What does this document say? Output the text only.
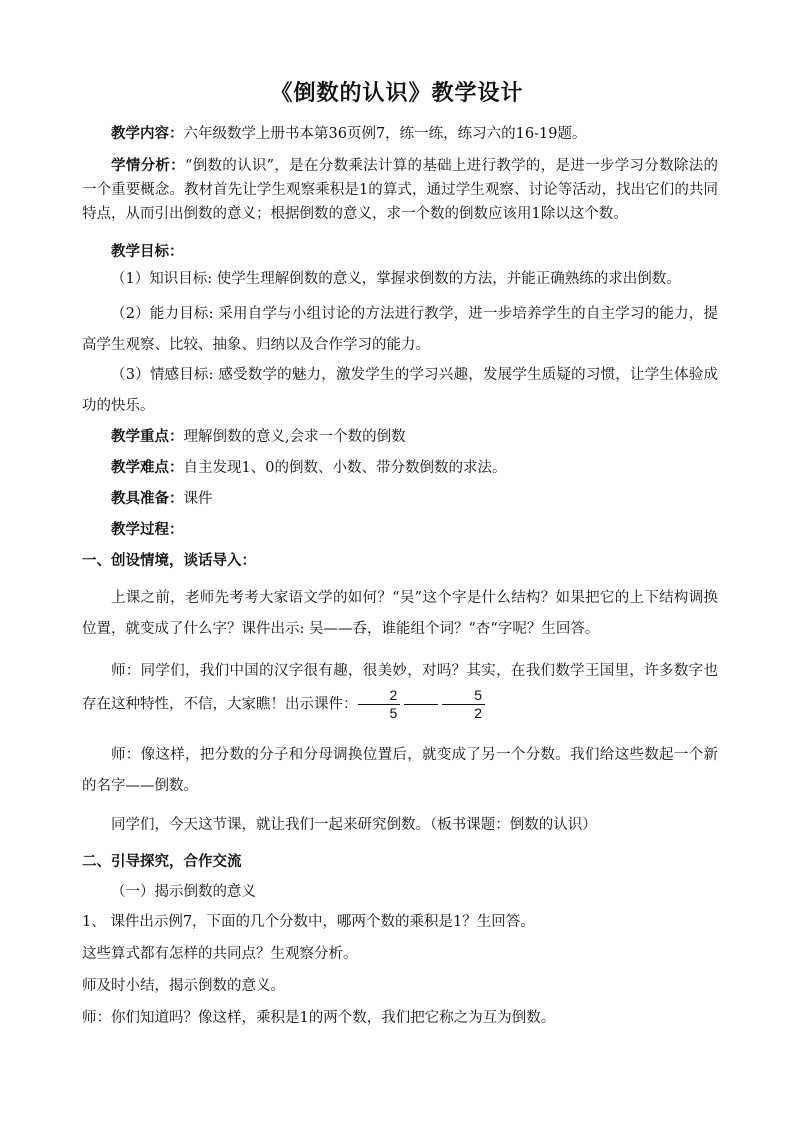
《倒数的认识》教学设计
教学内容：六年级数学上册书本第36页例7，练一练，练习六的16-19题。
学情分析：“倒数的认识”，是在分数乘法计算的基础上进行教学的，是进一步学习分数除法的一个重要概念。教材首先让学生观察乘积是1的算式，通过学生观察、讨论等活动，找出它们的共同特点，从而引出倒数的意义；根据倒数的意义，求一个数的倒数应该用1除以这个数。
教学目标：
（1）知识目标: 使学生理解倒数的意义，掌握求倒数的方法，并能正确熟练的求出倒数。
（2）能力目标: 采用自学与小组讨论的方法进行教学，进一步培养学生的自主学习的能力，提高学生观察、比较、抽象、归纳以及合作学习的能力。
（3）情感目标: 感受数学的魅力，激发学生的学习兴趣，发展学生质疑的习惯，让学生体验成功的快乐。
教学重点：理解倒数的意义,会求一个数的倒数
教学难点：自主发现1、0的倒数、小数、带分数倒数的求法。
教具准备：课件
教学过程：
一、创设情境，谈话导入：
上课之前，老师先考考大家语文学的如何？“吴”这个字是什么结构？如果把它的上下结构调换位置，就变成了什么字？课件出示: 吴——呑，谁能组个词？“杏“字呢？生回答。
师：同学们，我们中国的汉字很有趣，很美妙，对吗？其实，在我们数学王国里，许多数字也存在这种特性，不信，大家瞧！出示课件： $\frac{2}{5}$	$\frac{5}{2}$
师：像这样，把分数的分子和分母调换位置后，就变成了另一个分数。我们给这些数起一个新的名字——倒数。
同学们，今天这节课，就让我们一起来研究倒数。（板书课题：倒数的认识）
二、引导探究，合作交流
（一）揭示倒数的意义
1、 课件出示例7，下面的几个分数中，哪两个数的乘积是1？生回答。
这些算式都有怎样的共同点？生观察分析。
师及时小结，揭示倒数的意义。
师：你们知道吗？像这样，乘积是1的两个数，我们把它称之为互为倒数。
